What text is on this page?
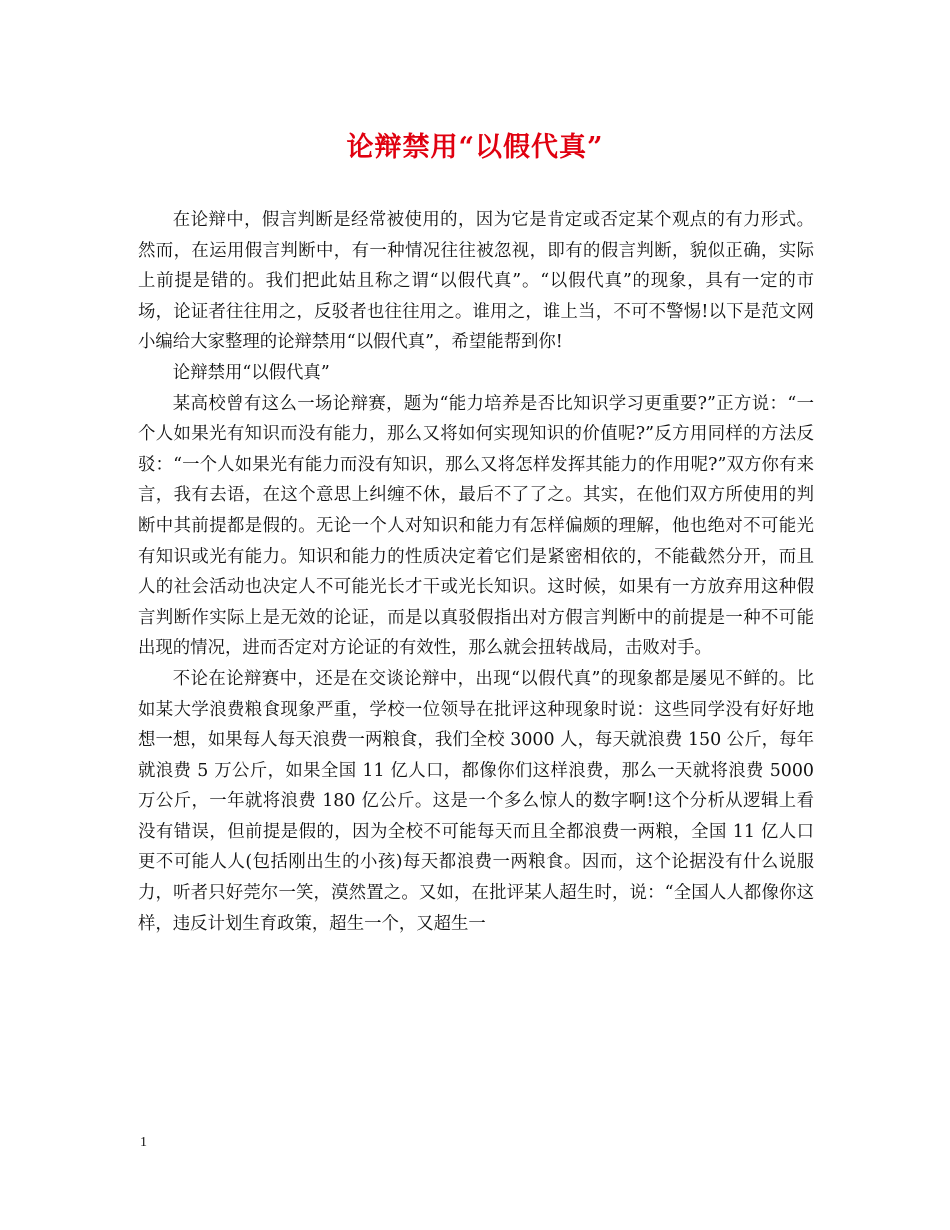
论辩禁用“以假代真”

在论辩中，假言判断是经常被使用的，因为它是肯定或否定某个观点的有力形式。然而，在运用假言判断中，有一种情况往往被忽视，即有的假言判断，貌似正确，实际上前提是错的。我们把此姑且称之谓“以假代真”。“以假代真”的现象，具有一定的市场，论证者往往用之，反驳者也往往用之。谁用之，谁上当，不可不警惕!以下是范文网小编给大家整理的论辩禁用“以假代真”，希望能帮到你!

论辩禁用“以假代真”

某高校曾有这么一场论辩赛，题为“能力培养是否比知识学习更重要?”正方说：“一个人如果光有知识而没有能力，那么又将如何实现知识的价值呢?”反方用同样的方法反驳：“一个人如果光有能力而没有知识，那么又将怎样发挥其能力的作用呢?”双方你有来言，我有去语，在这个意思上纠缠不休，最后不了了之。其实，在他们双方所使用的判断中其前提都是假的。无论一个人对知识和能力有怎样偏颇的理解，他也绝对不可能光有知识或光有能力。知识和能力的性质决定着它们是紧密相依的，不能截然分开，而且人的社会活动也决定人不可能光长才干或光长知识。这时候，如果有一方放弃用这种假言判断作实际上是无效的论证，而是以真驳假指出对方假言判断中的前提是一种不可能出现的情况，进而否定对方论证的有效性，那么就会扭转战局，击败对手。

不论在论辩赛中，还是在交谈论辩中，出现“以假代真”的现象都是屡见不鲜的。比如某大学浪费粮食现象严重，学校一位领导在批评这种现象时说：这些同学没有好好地想一想，如果每人每天浪费一两粮食，我们全校 3000 人，每天就浪费 150 公斤，每年就浪费 5 万公斤，如果全国 11 亿人口，都像你们这样浪费，那么一天就将浪费 5000 万公斤，一年就将浪费 180 亿公斤。这是一个多么惊人的数字啊!这个分析从逻辑上看没有错误，但前提是假的，因为全校不可能每天而且全都浪费一两粮，全国 11 亿人口更不可能人人(包括刚出生的小孩)每天都浪费一两粮食。因而，这个论据没有什么说服力，听者只好莞尔一笑，漠然置之。又如，在批评某人超生时，说：“全国人人都像你这样，违反计划生育政策，超生一个，又超生一

1
